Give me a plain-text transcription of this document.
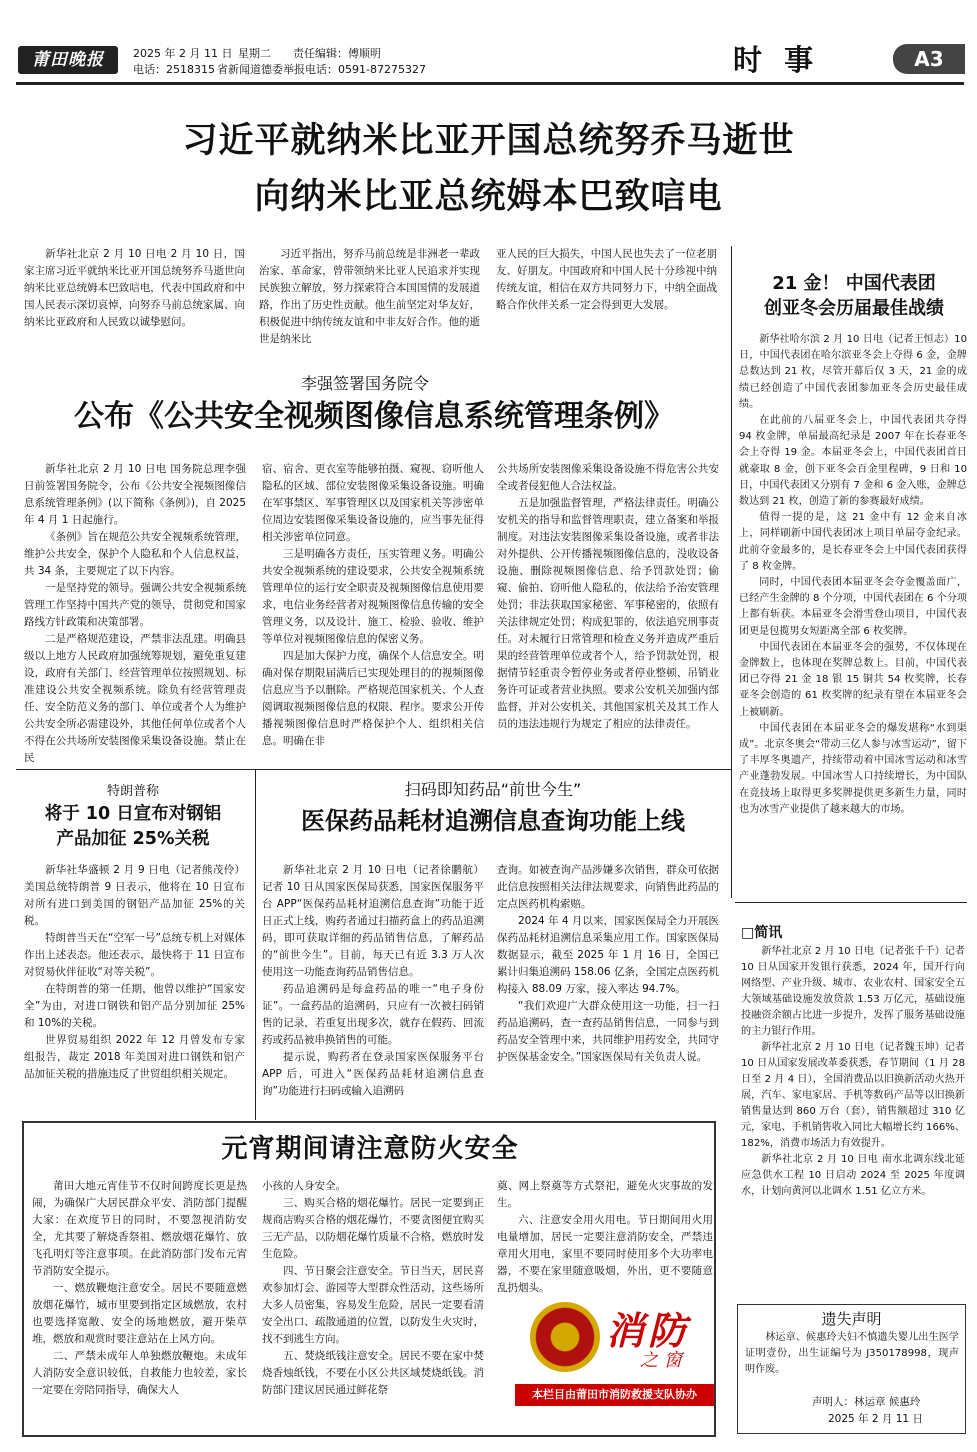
莆田晚报	2025 年 2 月 11 日 星期二 责任编辑：傅顺明
电话：2518315 省新闻道德委举报电话：0591-87275327	时 事	A3
习近平就纳米比亚开国总统努乔马逝世
向纳米比亚总统姆本巴致唁电

新华社北京 2 月 10 日电 2 月 10 日，国家主席习近平就纳米比亚开国总统努乔马逝世向纳米比亚总统姆本巴致唁电，代表中国政府和中国人民表示深切哀悼，向努乔马前总统家属、向纳米比亚政府和人民致以诚挚慰问。

习近平指出，努乔马前总统是非洲老一辈政治家、革命家，曾带领纳米比亚人民追求并实现民族独立解放，努力探索符合本国国情的发展道路，作出了历史性贡献。他生前坚定对华友好，积极促进中纳传统友谊和中非友好合作。他的逝世是纳米比

亚人民的巨大损失，中国人民也失去了一位老朋友、好朋友。中国政府和中国人民十分珍视中纳传统友谊，相信在双方共同努力下，中纳全面战略合作伙伴关系一定会得到更大发展。

李强签署国务院令
公布《公共安全视频图像信息系统管理条例》

新华社北京 2 月 10 日电 国务院总理李强日前签署国务院令，公布《公共安全视频图像信息系统管理条例》(以下简称《条例》)，自 2025 年 4 月 1 日起施行。

《条例》旨在规范公共安全视频系统管理，维护公共安全，保护个人隐私和个人信息权益，共 34 条，主要规定了以下内容。

一是坚持党的领导。强调公共安全视频系统管理工作坚持中国共产党的领导，贯彻党和国家路线方针政策和决策部署。

二是严格规范建设，严禁非法乱建。明确县级以上地方人民政府加强统筹规划，避免重复建设，政府有关部门、经营管理单位按照规划、标准建设公共安全视频系统。除负有经营管理责任、安全防范义务的部门、单位或者个人为维护公共安全所必需建设外，其他任何单位或者个人不得在公共场所安装图像采集设备设施。禁止在民

宿、宿舍、更衣室等能够拍摄、窥视、窃听他人隐私的区域、部位安装图像采集设备设施。明确在军事禁区、军事管理区以及国家机关等涉密单位周边安装图像采集设备设施的，应当事先征得相关涉密单位同意。

三是明确各方责任，压实管理义务。明确公共安全视频系统的建设要求，公共安全视频系统管理单位的运行安全职责及视频图像信息使用要求，电信业务经营者对视频图像信息传输的安全管理义务，以及设计、施工、检验、验收、维护等单位对视频图像信息的保密义务。

四是加大保护力度，确保个人信息安全。明确对保存期限届满后已实现处理目的的视频图像信息应当予以删除。严格规范国家机关、个人查阅调取视频图像信息的权限、程序。要求公开传播视频图像信息时严格保护个人、组织相关信息。明确在非

公共场所安装图像采集设备设施不得危害公共安全或者侵犯他人合法权益。

五是加强监督管理，严格法律责任。明确公安机关的指导和监督管理职责，建立备案和举报制度。对违法安装图像采集设备设施，或者非法对外提供、公开传播视频图像信息的，没收设备设施、删除视频图像信息、给予罚款处罚；偷窥、偷拍、窃听他人隐私的，依法给予治安管理处罚；非法获取国家秘密、军事秘密的，依照有关法律规定处罚；构成犯罪的，依法追究刑事责任。对未履行日常管理和检查义务并造成严重后果的经营管理单位或者个人，给予罚款处罚，根据情节轻重责令暂停业务或者停业整顿、吊销业务许可证或者营业执照。要求公安机关加强内部监督，并对公安机关、其他国家机关及其工作人员的违法违规行为规定了相应的法律责任。

21 金！ 中国代表团
创亚冬会历届最佳战绩

新华社哈尔滨 2 月 10 日电（记者王恒志）10 日，中国代表团在哈尔滨亚冬会上夺得 6 金，金牌总数达到 21 枚，尽管开幕后仅 3 天，21 金的成绩已经创造了中国代表团参加亚冬会历史最佳成绩。

在此前的八届亚冬会上，中国代表团共夺得 94 枚金牌，单届最高纪录是 2007 年在长春亚冬会上夺得 19 金。本届亚冬会上，中国代表团首日就豪取 8 金，创下亚冬会百金里程碑，9 日和 10 日，中国代表团又分别有 7 金和 6 金入账，金牌总数达到 21 枚，创造了新的参赛最好成绩。

值得一提的是，这 21 金中有 12 金来自冰上，同样刷新中国代表团冰上项目单届夺金纪录。此前夺金最多的，是长春亚冬会上中国代表团获得了 8 枚金牌。

同时，中国代表团本届亚冬会夺金覆盖面广，已经产生金牌的 8 个分项，中国代表团在 6 个分项上都有斩获。本届亚冬会滑雪登山项目，中国代表团更是包揽男女短距离全部 6 枚奖牌。

中国代表团在本届亚冬会的强势，不仅体现在金牌数上，也体现在奖牌总数上。目前，中国代表团已夺得 21 金 18 银 15 铜共 54 枚奖牌，长春亚冬会创造的 61 枚奖牌的纪录有望在本届亚冬会上被刷新。

中国代表团在本届亚冬会的爆发堪称“水到渠成”。北京冬奥会“带动三亿人参与冰雪运动”，留下了丰厚冬奥遗产，持续带动着中国冰雪运动和冰雪产业蓬勃发展。中国冰雪人口持续增长，为中国队在竞技场上取得更多奖牌提供更多新生力量，同时也为冰雪产业提供了越来越大的市场。

□简讯

新华社北京 2 月 10 日电（记者张千千）记者 10 日从国家开发银行获悉，2024 年，国开行向网络型、产业升级、城市、农业农村、国家安全五大领域基础设施发放贷款 1.53 万亿元，基础设施投融资余额占比进一步提升，发挥了服务基础设施的主力银行作用。

新华社北京 2 月 10 日电（记者魏玉坤）记者 10 日从国家发展改革委获悉，春节期间（1 月 28 日至 2 月 4 日），全国消费品以旧换新活动火热开展，汽车、家电家居、手机等数码产品等以旧换新销售量达到 860 万台（套），销售额超过 310 亿元，家电、手机销售收入同比大幅增长约 166%、182%，消费市场活力有效提升。

新华社北京 2 月 10 日电 南水北调东线北延应急供水工程 10 日启动 2024 至 2025 年度调水，计划向黄河以北调水 1.51 亿立方米。

遗失声明

林运章、候惠玲夫妇不慎遗失婴儿出生医学证明壹份，出生证编号为 J350178998，现声明作废。

声明人：林运章 候惠玲
2025 年 2 月 11 日
特朗普称
将于 10 日宣布对钢铝
产品加征 25%关税

新华社华盛顿 2 月 9 日电（记者熊茂伶）美国总统特朗普 9 日表示，他将在 10 日宣布对所有进口到美国的钢铝产品加征 25%的关税。

特朗普当天在“空军一号”总统专机上对媒体作出上述表态。他还表示，最快将于 11 日宣布对贸易伙伴征收“对等关税”。

在特朗普的第一任期，他曾以维护“国家安全”为由，对进口钢铁和铝产品分别加征 25%和 10%的关税。

世界贸易组织 2022 年 12 月曾发布专家组报告，裁定 2018 年美国对进口钢铁和铝产品加征关税的措施违反了世贸组织相关规定。

扫码即知药品“前世今生”
医保药品耗材追溯信息查询功能上线

新华社北京 2 月 10 日电（记者徐鹏航）记者 10 日从国家医保局获悉，国家医保服务平台 APP“医保药品耗材追溯信息查询”功能于近日正式上线，购药者通过扫描药盒上的药品追溯码，即可获取详细的药品销售信息，了解药品的“前世今生”。目前，每天已有近 3.3 万人次使用这一功能查询药品销售信息。

药品追溯码是每盒药品的唯一“电子身份证”。一盒药品的追溯码，只应有一次被扫码销售的记录，若重复出现多次，就存在假药、回流药或药品被串换销售的可能。

提示说，购药者在登录国家医保服务平台 APP 后，可进入“医保药品耗材追溯信息查询”功能进行扫码或输入追溯码

查询。如被查询产品涉嫌多次销售，群众可依据此信息按照相关法律法规要求，向销售此药品的定点医药机构索赔。

2024 年 4 月以来，国家医保局全力开展医保药品耗材追溯信息采集应用工作。国家医保局数据显示，截至 2025 年 1 月 16 日，全国已累计归集追溯码 158.06 亿条，全国定点医药机构接入 88.09 万家，接入率达 94.7%。

“我们欢迎广大群众使用这一功能，扫一扫药品追溯码，查一查药品销售信息，一同参与到药品安全管理中来，共同维护用药安全，共同守护医保基金安全。”国家医保局有关负责人说。

元宵期间请注意防火安全

莆田大地元宵佳节不仅时间跨度长更是热闹，为确保广大居民群众平安、消防部门提醒大家：在欢度节日的同时，不要忽视消防安全，尤其要了解烧香祭祖、燃放烟花爆竹、放飞孔明灯等注意事项。在此消防部门发布元宵节消防安全提示。

一、燃放鞭炮注意安全。居民不要随意燃放烟花爆竹，城市里要到指定区域燃放，农村也要选择宽敞、安全的场地燃放，避开柴草堆，燃放和观赏时要注意站在上风方向。

二、严禁未成年人单独燃放鞭炮。未成年人消防安全意识较低，自救能力也较差，家长一定要在旁陪同指导，确保大人

小孩的人身安全。

三、购买合格的烟花爆竹。居民一定要到正规商店购买合格的烟花爆竹，不要贪图便宜购买三无产品，以防烟花爆竹质量不合格，燃放时发生危险。

四、节日聚会注意安全。节日当天，居民喜欢参加灯会、游园等大型群众性活动，这些场所大多人员密集，容易发生危险，居民一定要看清安全出口、疏散通道的位置，以防发生火灾时，找不到逃生方向。

五、焚烧纸钱注意安全。居民不要在家中焚烧香烛纸钱，不要在小区公共区域焚烧纸钱。消防部门建议居民通过鲜花祭

奠、网上祭奠等方式祭祀，避免火灾事故的发生。

六、注意安全用火用电。节日期间用火用电量增加，居民一定要注意消防安全，严禁违章用火用电，家里不要同时使用多个大功率电器，不要在家里随意吸烟，外出，更不要随意乱扔烟头。

消防
之窗
本栏目由莆田市消防救援支队协办
